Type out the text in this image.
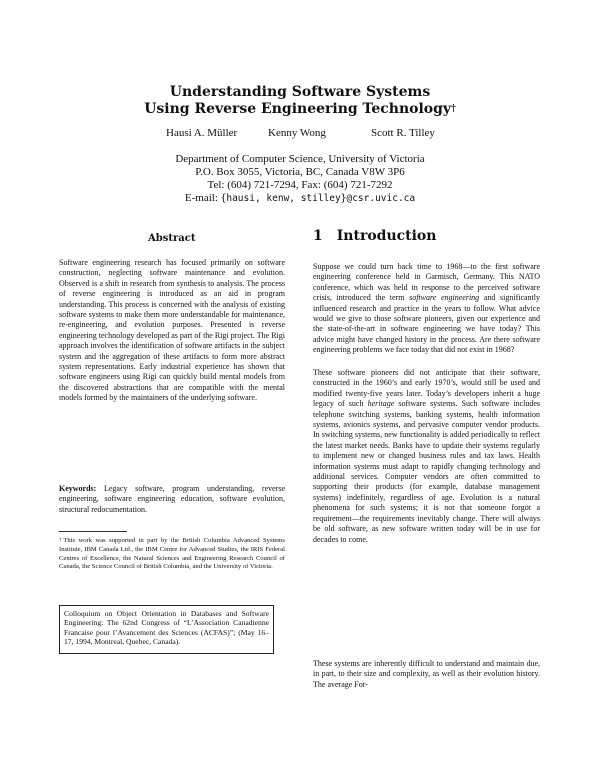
Understanding Software Systems
Using Reverse Engineering Technology†
Hausi A. Müller	Kenny Wong	Scott R. Tilley
Department of Computer Science, University of Victoria
P.O. Box 3055, Victoria, BC, Canada V8W 3P6
Tel: (604) 721-7294, Fax: (604) 721-7292
E-mail: {hausi, kenw, stilley}@csr.uvic.ca
Abstract
Software engineering research has focused primarily on software construction, neglecting software maintenance and evolution. Observed is a shift in research from synthesis to analysis. The process of reverse engineering is introduced as an aid in program understanding. This process is concerned with the analysis of existing software systems to make them more understandable for maintenance, re-engineering, and evolution purposes. Presented is reverse engineering technology developed as part of the Rigi project. The Rigi approach involves the identification of software artifacts in the subject system and the aggregation of these artifacts to form more abstract system representations. Early industrial experience has shown that software engineers using Rigi can quickly build mental models from the discovered abstractions that are compatible with the mental models formed by the maintainers of the underlying software.
Keywords: Legacy software, program understanding, reverse engineering, software engineering education, software evolution, structural redocumentation.
†This work was supported in part by the British Columbia Advanced Systems Institute, IBM Canada Ltd., the IBM Centre for Advanced Studies, the IRIS Federal Centres of Excellence, the Natural Sciences and Engineering Research Council of Canada, the Science Council of British Columbia, and the University of Victoria.
Colloquium on Object Orientation in Databases and Software Engineering: The 62nd Congress of “L’Association Canadienne Francaise pour l’Avancement des Sciences (ACFAS)”; (May 16–17, 1994, Montreal, Quebec, Canada).
1 Introduction
Suppose we could turn back time to 1968—to the first software engineering conference held in Garmisch, Germany. This NATO conference, which was held in response to the perceived software crisis, introduced the term software engineering and significantly influenced research and practice in the years to follow. What advice would we give to those software pioneers, given our experience and the state-of-the-art in software engineering we have today? This advice might have changed history in the process. Are there software engineering problems we face today that did not exist in 1968?
These software pioneers did not anticipate that their software, constructed in the 1960’s and early 1970’s, would still be used and modified twenty-five years later. Today’s developers inherit a huge legacy of such heritage software systems. Such software includes telephone switching systems, banking systems, health information systems, avionics systems, and pervasive computer vendor products. In switching systems, new functionality is added periodically to reflect the latest market needs. Banks have to update their systems regularly to implement new or changed business rules and tax laws. Health information systems must adapt to rapidly changing technology and additional services. Computer vendors are often committed to supporting their products (for example, database management systems) indefinitely, regardless of age. Evolution is a natural phenomena for such systems; it is not that someone forgot a requirement—the requirements inevitably change. There will always be old software, as new software written today will be in use for decades to come.
These systems are inherently difficult to understand and maintain due, in part, to their size and complexity, as well as their evolution history. The average For-
